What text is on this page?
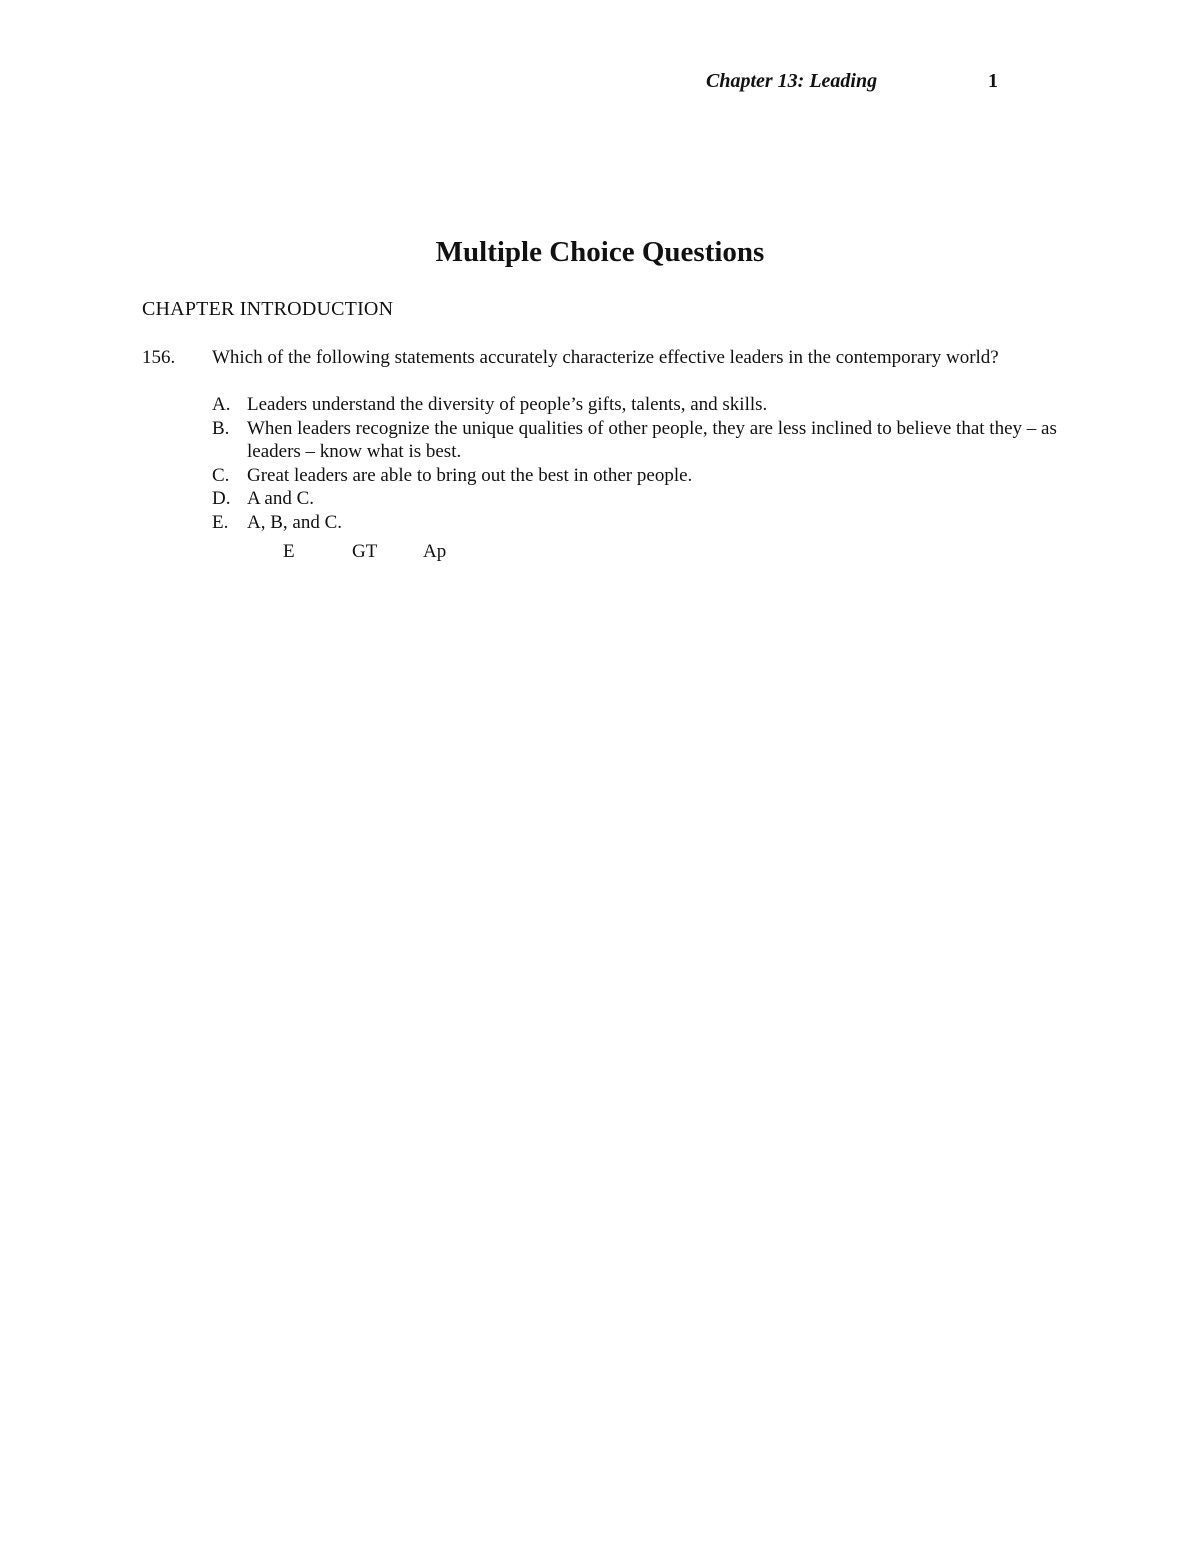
Chapter 13: Leading	1
Multiple Choice Questions
CHAPTER INTRODUCTION
156. Which of the following statements accurately characterize effective leaders in the contemporary world?
A. Leaders understand the diversity of people’s gifts, talents, and skills.
B. When leaders recognize the unique qualities of other people, they are less inclined to believe that they – as leaders – know what is best.
C. Great leaders are able to bring out the best in other people.
D. A and C.
E. A, B, and C.
E	GT Ap
